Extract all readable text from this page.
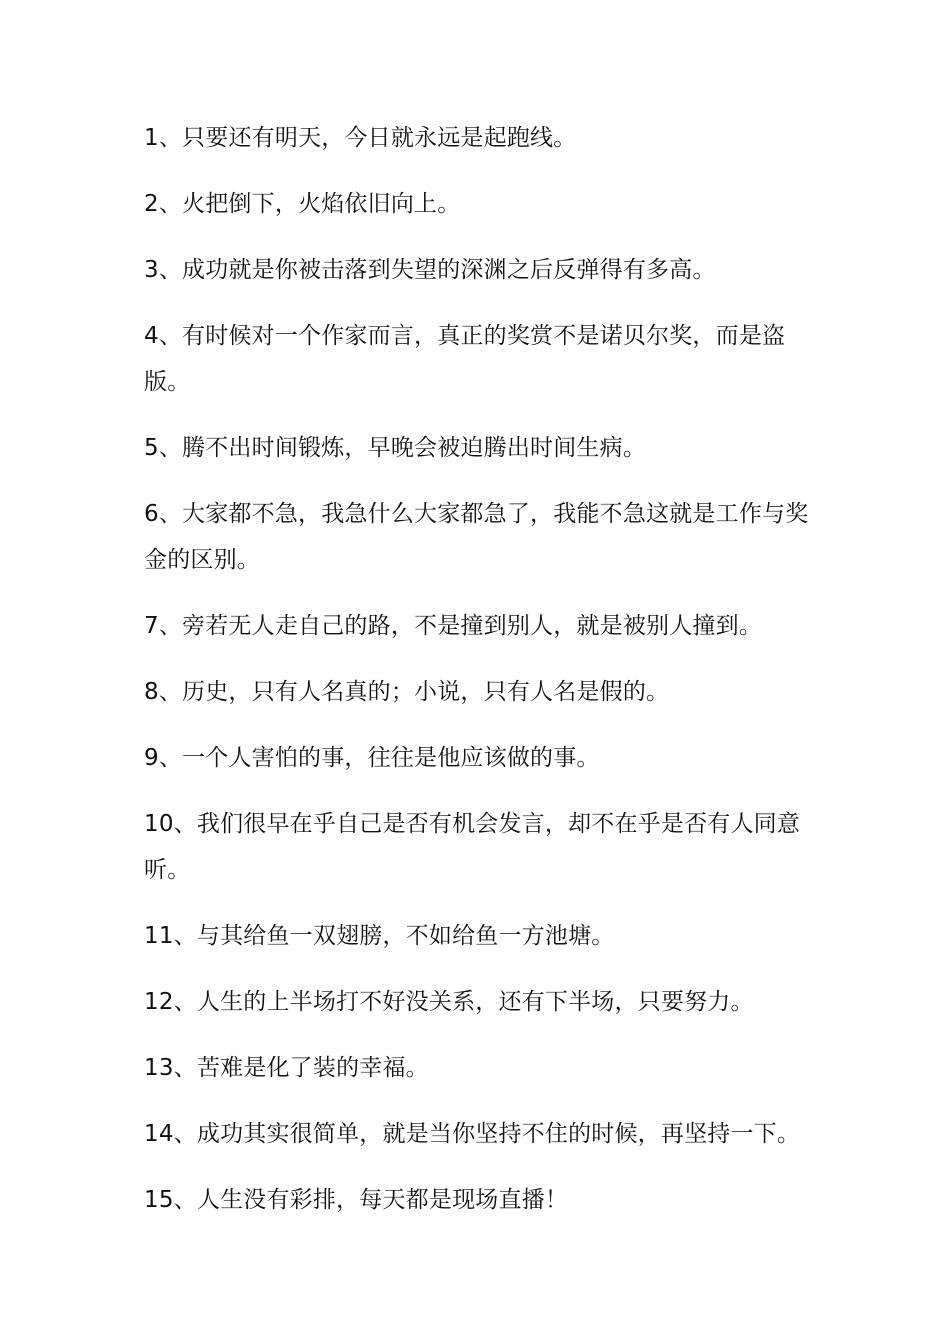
1、只要还有明天，今日就永远是起跑线。
2、火把倒下，火焰依旧向上。
3、成功就是你被击落到失望的深渊之后反弹得有多高。
4、有时候对一个作家而言，真正的奖赏不是诺贝尔奖，而是盗版。
5、腾不出时间锻炼，早晚会被迫腾出时间生病。
6、大家都不急，我急什么大家都急了，我能不急这就是工作与奖金的区别。
7、旁若无人走自己的路，不是撞到别人，就是被别人撞到。
8、历史，只有人名真的；小说，只有人名是假的。
9、一个人害怕的事，往往是他应该做的事。
10、我们很早在乎自己是否有机会发言，却不在乎是否有人同意听。
11、与其给鱼一双翅膀，不如给鱼一方池塘。
12、人生的上半场打不好没关系，还有下半场，只要努力。
13、苦难是化了装的幸福。
14、成功其实很简单，就是当你坚持不住的时候，再坚持一下。
15、人生没有彩排，每天都是现场直播！
